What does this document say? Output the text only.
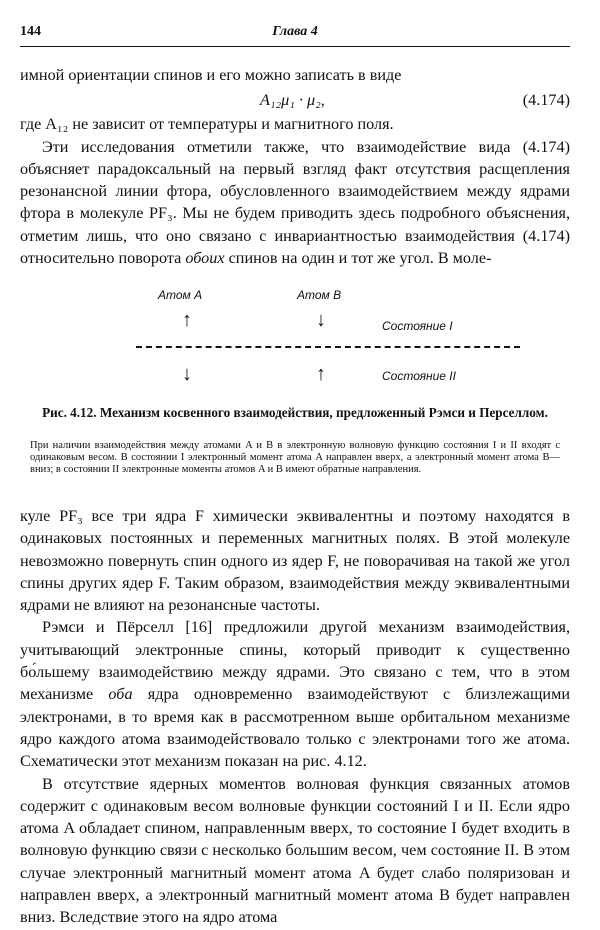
144	Глава 4

имной ориентации спинов и его можно записать в виде

A₁₂μ₁ · μ₂,	(4.174)

где A₁₂ не зависит от температуры и магнитного поля.

Эти исследования отметили также, что взаимодействие вида (4.174) объясняет парадоксальный на первый взгляд факт отсутствия расщепления резонансной линии фтора, обусловленного взаимодействием между ядрами фтора в молекуле PF₃. Мы не будем приводить здесь подробного объяснения, отметим лишь, что оно связано с инвариантностью взаимодействия (4.174) относительно поворота обоих спинов на один и тот же угол. В моле-

Атом A	Атом B
Состояние I
Состояние II
↑	↓
↓	↑
Рис. 4.12. Механизм косвенного взаимодействия, предложенный Рэмси и Перселлом.
При наличии взаимодействия между атомами A и B в электронную волновую функцию состояния I и II входят с одинаковым весом. В состоянии I электронный момент атома A направлен вверх, а электронный момент атома B—вниз; в состоянии II электронные моменты атомов A и B имеют обратные направления.

куле PF₃ все три ядра F химически эквивалентны и поэтому находятся в одинаковых постоянных и переменных магнитных полях. В этой молекуле невозможно повернуть спин одного из ядер F, не поворачивая на такой же угол спины других ядер F. Таким образом, взаимодействия между эквивалентными ядрами не влияют на резонансные частоты.

Рэмси и Пёрселл [16] предложили другой механизм взаимодействия, учитывающий электронные спины, который приводит к существенно бо́льшему взаимодействию между ядрами. Это связано с тем, что в этом механизме оба ядра одновременно взаимодействуют с близлежащими электронами, в то время как в рассмотренном выше орбитальном механизме ядро каждого атома взаимодействовало только с электронами того же атома. Схематически этот механизм показан на рис. 4.12.

В отсутствие ядерных моментов волновая функция связанных атомов содержит с одинаковым весом волновые функции состояний I и II. Если ядро атома A обладает спином, направленным вверх, то состояние I будет входить в волновую функцию связи с несколько большим весом, чем состояние II. В этом случае электронный магнитный момент атома A будет слабо поляризован и направлен вверх, а электронный магнитный момент атома B будет направлен вниз. Вследствие этого на ядро атома
